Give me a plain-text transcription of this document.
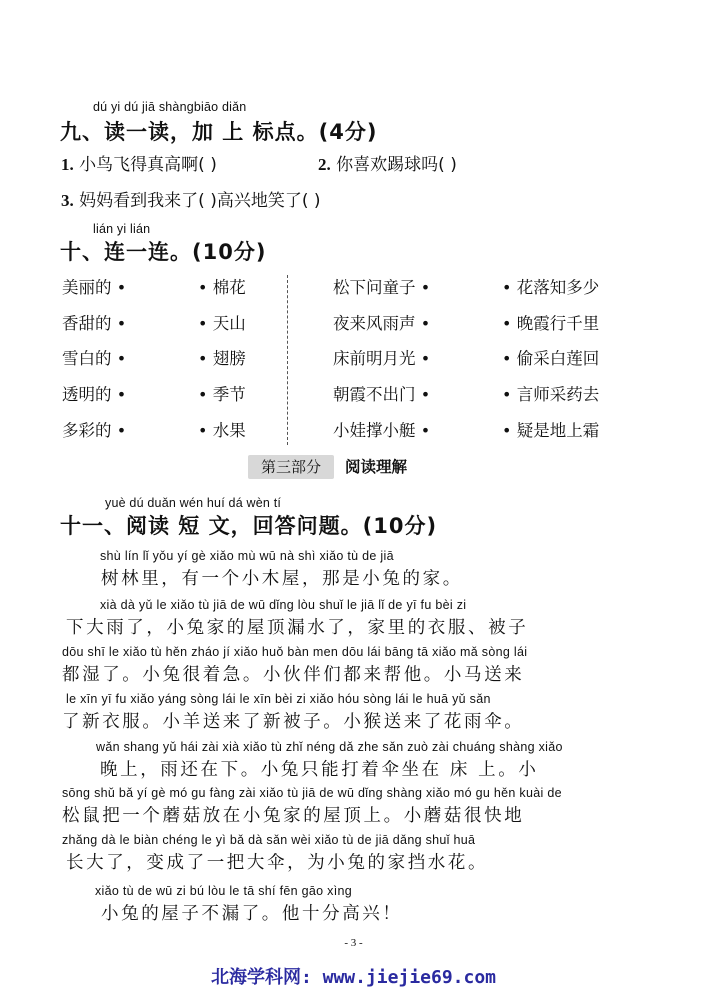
dú yi dú jiā shàngbiāo diǎn
九、读一读，加 上 标点。(4分)
1. 小鸟飞得真高啊( )	2. 你喜欢踢球吗( )
3. 妈妈看到我来了( )高兴地笑了( )
lián yi lián
十、连一连。(10分)
美丽的 •
香甜的 •
雪白的 •
透明的 •
多彩的 •
• 棉花
• 天山
• 翅膀
• 季节
• 水果
松下问童子 •
夜来风雨声 •
床前明月光 •
朝霞不出门 •
小娃撑小艇 •
• 花落知多少
• 晚霞行千里
• 偷采白莲回
• 言师采药去
• 疑是地上霜
第三部分	阅读理解
yuè dú duǎn wén huí dá wèn tí
十一、阅读 短 文，回答问题。(10分)
shù lín lǐ yǒu yí gè xiǎo mù wū nà shì xiǎo tù de jiā
树林里，有一个小木屋，那是小兔的家。
xià dà yǔ le xiǎo tù jiā de wū dǐng lòu shuǐ le jiā lǐ de yī fu bèi zi
下大雨了，小兔家的屋顶漏水了，家里的衣服、被子
dōu shī le xiǎo tù hěn zháo jí xiǎo huǒ bàn men dōu lái bāng tā xiǎo mǎ sòng lái
都湿了。小兔很着急。小伙伴们都来帮他。小马送来
le xīn yī fu xiǎo yáng sòng lái le xīn bèi zi xiǎo hóu sòng lái le huā yǔ sǎn
了新衣服。小羊送来了新被子。小猴送来了花雨伞。
wǎn shang yǔ hái zài xià xiǎo tù zhǐ néng dǎ zhe sǎn zuò zài chuáng shàng xiǎo
晚上，雨还在下。小兔只能打着伞坐在 床 上。小
sōng shǔ bǎ yí gè mó gu fàng zài xiǎo tù jiā de wū dǐng shàng xiǎo mó gu hěn kuài de
松鼠把一个蘑菇放在小兔家的屋顶上。小蘑菇很快地
zhǎng dà le biàn chéng le yì bǎ dà sǎn wèi xiǎo tù de jiā dǎng shuǐ huā
长大了，变成了一把大伞，为小兔的家挡水花。
xiǎo tù de wū zi bú lòu le tā shí fēn gāo xìng
小兔的屋子不漏了。他十分高兴！
- 3 -
北海学科网: www.jiejie69.com
